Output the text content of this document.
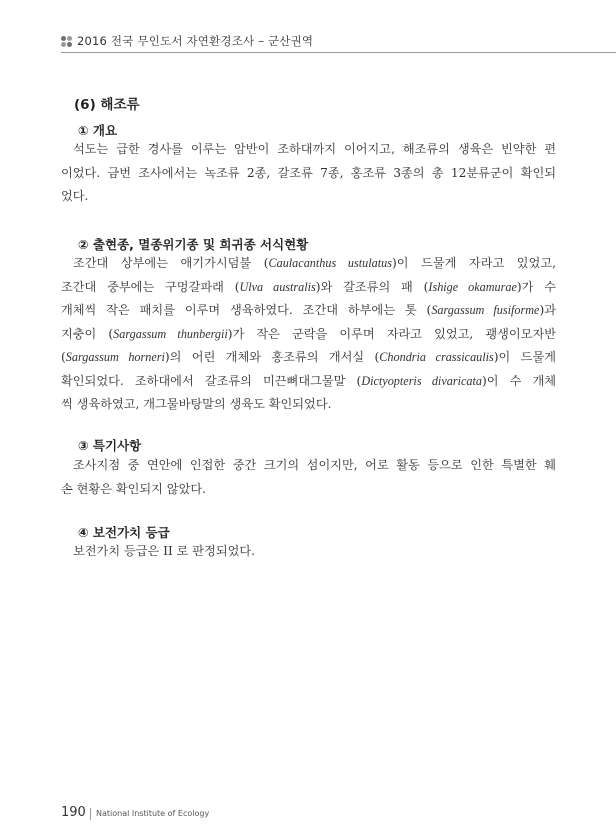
2016 전국 무인도서 자연환경조사 – 군산권역
(6) 해조류
① 개요
석도는 급한 경사를 이루는 암반이 조하대까지 이어지고, 해조류의 생육은 빈약한 편
이었다. 금번 조사에서는 녹조류 2종, 갈조류 7종, 홍조류 3종의 총 12분류군이 확인되
었다.
② 출현종, 멸종위기종 및 희귀종 서식현황
조간대 상부에는 애기가시덤불 (Caulacanthus ustulatus)이 드물게 자라고 있었고,
조간대 중부에는 구멍갈파래 (Ulva australis)와 갈조류의 패 (Ishige okamurae)가 수
개체씩 작은 패치를 이루며 생육하였다. 조간대 하부에는 톳 (Sargassum fusiforme)과
지충이 (Sargassum thunbergii)가 작은 군락을 이루며 자라고 있었고, 괭생이모자반
(Sargassum horneri)의 어린 개체와 홍조류의 개서실 (Chondria crassicaulis)이 드물게
확인되었다. 조하대에서 갈조류의 미끈뼈대그물말 (Dictyopteris divaricata)이 수 개체
씩 생육하였고, 개그물바탕말의 생육도 확인되었다.
③ 특기사항
조사지점 중 연안에 인접한 중간 크기의 섬이지만, 어로 활동 등으로 인한 특별한 훼
손 현황은 확인되지 않았다.
④ 보전가치 등급
보전가치 등급은 II 로 판정되었다.
190 National Institute of Ecology
